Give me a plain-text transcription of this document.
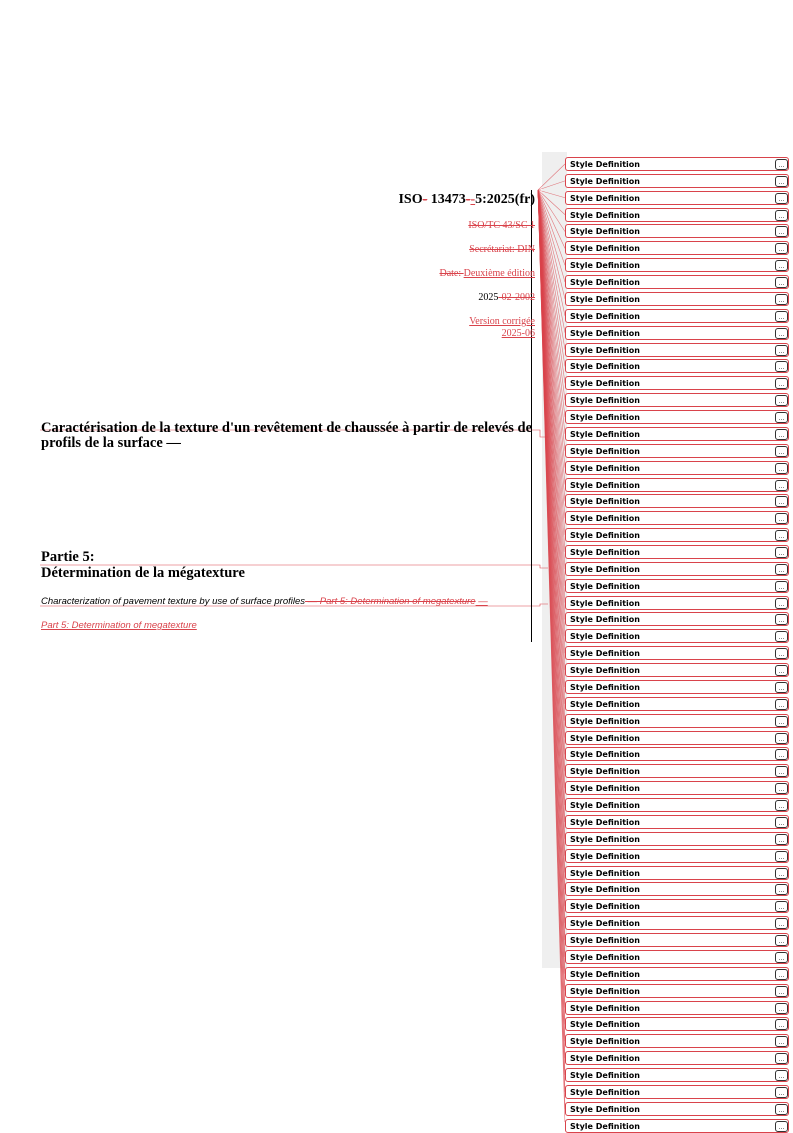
ISO- 13473--5:2025(fr)
ISO/TC 43/SC 1
Secrétariat: DIN
Date: Deuxième édition
2025-02-2002
Version corrigée
2025-06
Caractérisation de la texture d'un revêtement de chaussée à partir de relevés de profils de la surface —
Partie 5:
Détermination de la mégatexture
Characterization of pavement texture by use of surface profiles — Part 5: Determination of megatexture —
Part 5: Determination of megatexture
Style Definition	...
Style Definition	...
Style Definition	...
Style Definition	...
Style Definition	...
Style Definition	...
Style Definition	...
Style Definition	...
Style Definition	...
Style Definition	...
Style Definition	...
Style Definition	...
Style Definition	...
Style Definition	...
Style Definition	...
Style Definition	...
Style Definition	...
Style Definition	...
Style Definition	...
Style Definition	...
Style Definition	...
Style Definition	...
Style Definition	...
Style Definition	...
Style Definition	...
Style Definition	...
Style Definition	...
Style Definition	...
Style Definition	...
Style Definition	...
Style Definition	...
Style Definition	...
Style Definition	...
Style Definition	...
Style Definition	...
Style Definition	...
Style Definition	...
Style Definition	...
Style Definition	...
Style Definition	...
Style Definition	...
Style Definition	...
Style Definition	...
Style Definition	...
Style Definition	...
Style Definition	...
Style Definition	...
Style Definition	...
Style Definition	...
Style Definition	...
Style Definition	...
Style Definition	...
Style Definition	...
Style Definition	...
Style Definition	...
Style Definition	...
Style Definition	...
Style Definition	...
